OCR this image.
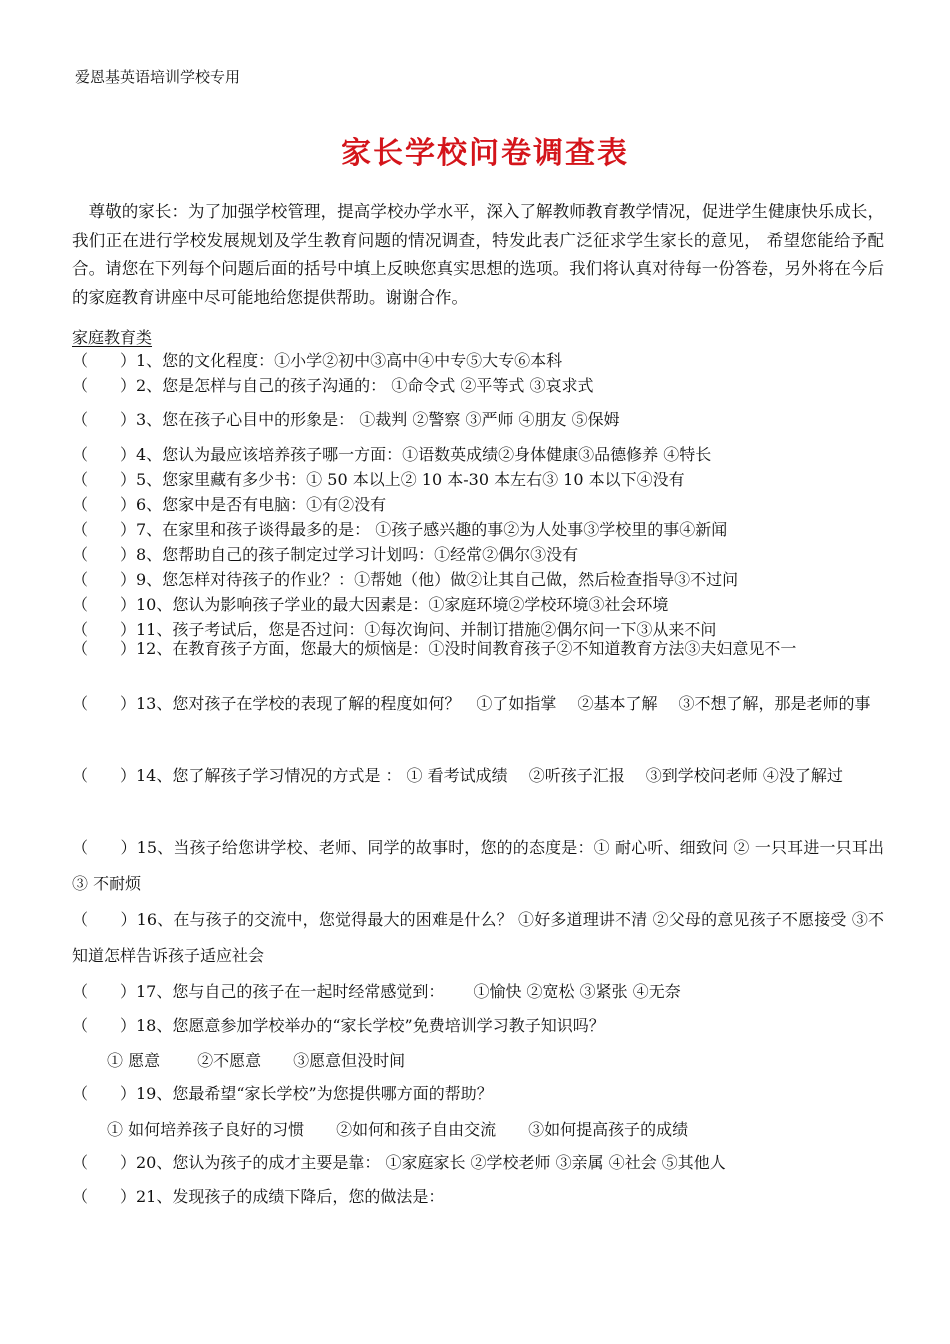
爱恩基英语培训学校专用
家长学校问卷调查表

　尊敬的家长：为了加强学校管理，提高学校办学水平，深入了解教师教育教学情况，促进学生健康快乐成长，我们正在进行学校发展规划及学生教育问题的情况调查，特发此表广泛征求学生家长的意见， 希望您能给予配合。请您在下列每个问题后面的括号中填上反映您真实思想的选项。我们将认真对待每一份答卷，另外将在今后的家庭教育讲座中尽可能地给您提供帮助。谢谢合作。

家庭教育类
（　　）1、您的文化程度：①小学②初中③高中④中专⑤大专⑥本科
（　　）2、您是怎样与自己的孩子沟通的： ①命令式 ②平等式 ③哀求式
（　　）3、您在孩子心目中的形象是： ①裁判 ②警察 ③严师 ④朋友 ⑤保姆
（　　）4、您认为最应该培养孩子哪一方面：①语数英成绩②身体健康③品德修养 ④特长
（　　）5、您家里藏有多少书：① 50 本以上② 10 本-30 本左右③ 10 本以下④没有
（　　）6、您家中是否有电脑：①有②没有
（　　）7、在家里和孩子谈得最多的是： ①孩子感兴趣的事②为人处事③学校里的事④新闻
（　　）8、您帮助自己的孩子制定过学习计划吗：①经常②偶尔③没有
（　　）9、您怎样对待孩子的作业？：①帮她（他）做②让其自己做，然后检查指导③不过问
（　　）10、您认为影响孩子学业的最大因素是：①家庭环境②学校环境③社会环境
（　　）11、孩子考试后，您是否过问：①每次询问、并制订措施②偶尔问一下③从来不问
（　　）12、在教育孩子方面，您最大的烦恼是：①没时间教育孩子②不知道教育方法③夫妇意见不一
（　　）13、您对孩子在学校的表现了解的程度如何？　①了如指掌　 ②基本了解　 ③不想了解，那是老师的事
（　　）14、您了解孩子学习情况的方式是 ： ① 看考试成绩　 ②听孩子汇报　 ③到学校问老师 ④没了解过
（　　）15、当孩子给您讲学校、老师、同学的故事时，您的的态度是：① 耐心听、细致问 ② 一只耳进一只耳出 ③ 不耐烦
（　　）16、在与孩子的交流中，您觉得最大的困难是什么？ ①好多道理讲不清 ②父母的意见孩子不愿接受 ③不知道怎样告诉孩子适应社会
（　　）17、您与自己的孩子在一起时经常感觉到：　　 ①愉快 ②宽松 ③紧张 ④无奈
（　　）18、您愿意参加学校举办的“家长学校”免费培训学习教子知识吗？
① 愿意　　 ②不愿意　　③愿意但没时间
（　　）19、您最希望“家长学校”为您提供哪方面的帮助？
① 如何培养孩子良好的习惯　　②如何和孩子自由交流　　③如何提高孩子的成绩
（　　）20、您认为孩子的成才主要是靠： ①家庭家长 ②学校老师 ③亲属 ④社会 ⑤其他人
（　　）21、发现孩子的成绩下降后，您的做法是：
